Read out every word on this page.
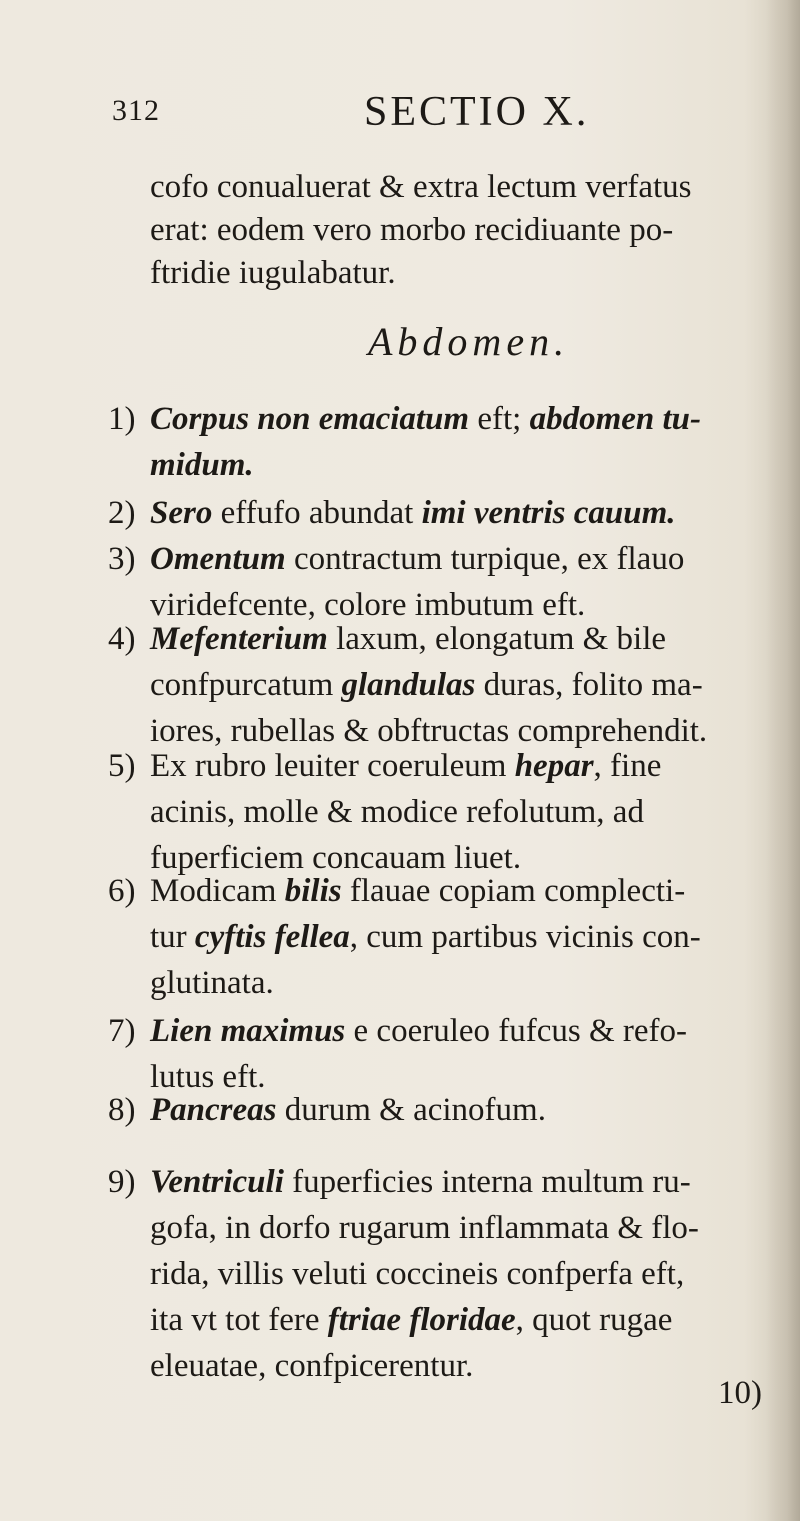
312	SECTIO X.
cofo conualuerat & extra lectum verfatus
erat: eodem vero morbo recidiuante po-
ftridie iugulabatur.
Abdomen.
1) Corpus non emaciatum eft; abdomen tu-
midum.
2) Sero effufo abundat imi ventris cauum.
3) Omentum contractum turpique, ex flauo
viridefcente, colore imbutum eft.
4) Mefenterium laxum, elongatum & bile
confpurcatum glandulas duras, folito ma-
iores, rubellas & obftructas comprehendit.
5) Ex rubro leuiter coeruleum hepar, fine
acinis, molle & modice refolutum, ad
fuperficiem concauam liuet.
6) Modicam bilis flauae copiam complecti-
tur cyftis fellea, cum partibus vicinis con-
glutinata.
7) Lien maximus e coeruleo fufcus & refo-
lutus eft.
8) Pancreas durum & acinofum.
9) Ventriculi fuperficies interna multum ru-
gofa, in dorfo rugarum inflammata & flo-
rida, villis veluti coccineis confperfa eft,
ita vt tot fere ftriae floridae, quot rugae
eleuatae, confpicerentur.
10)
